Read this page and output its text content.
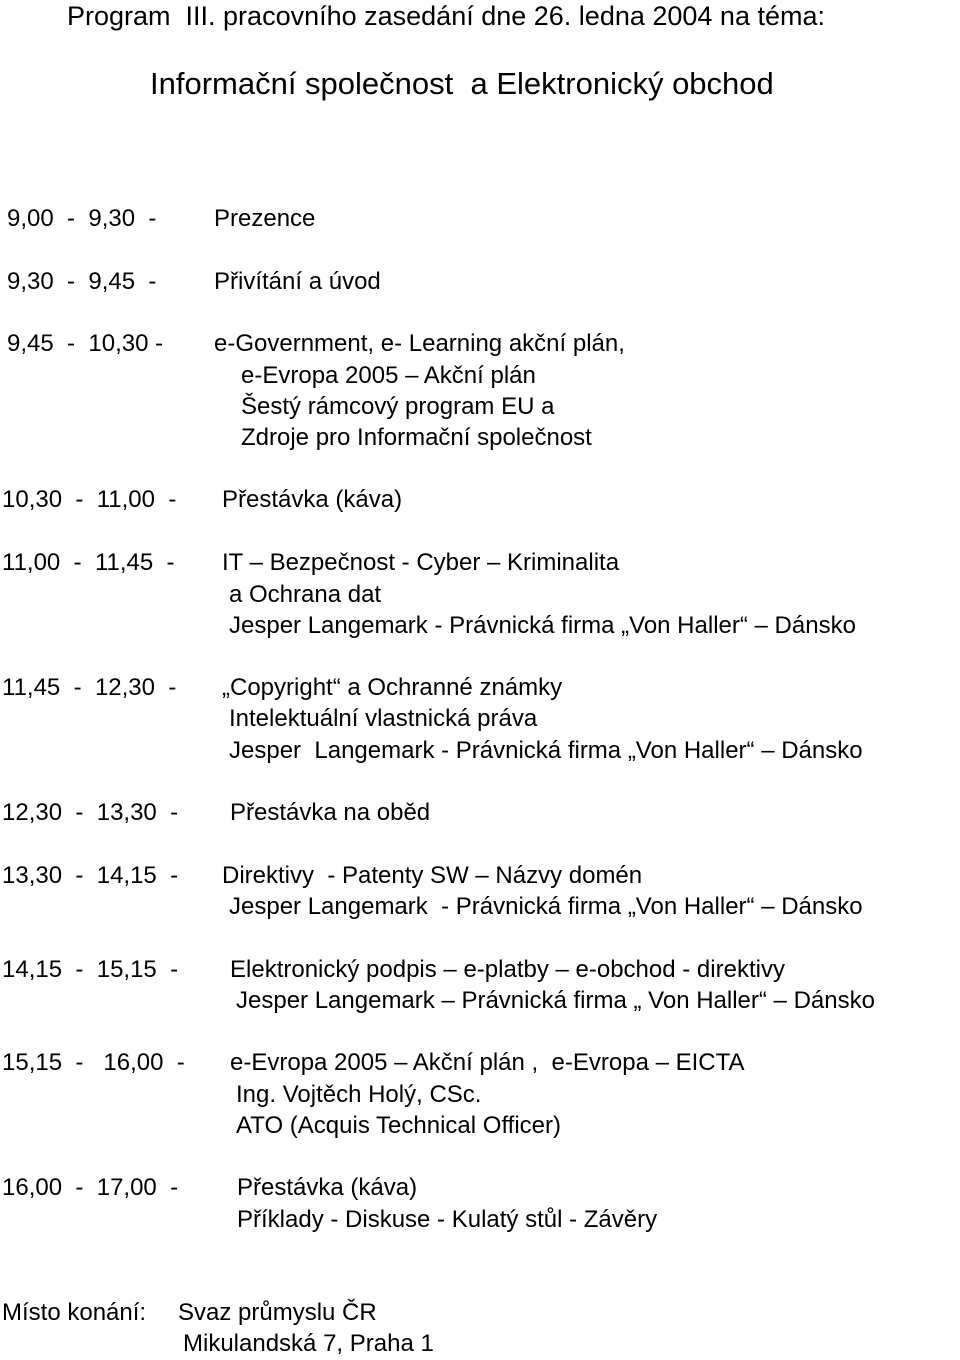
Program  III. pracovního zasedání dne 26. ledna 2004 na téma:
Informační společnost  a Elektronický obchod
9,00  -  9,30  - Prezence
9,30  -  9,45  - Přivítání a úvod
9,45  -  10,30 - e-Government, e- Learning akční plán,
e-Evropa 2005 – Akční plán
Šestý rámcový program EU a
Zdroje pro Informační společnost
10,30  -  11,00  - Přestávka (káva)
11,00  -  11,45  - IT – Bezpečnost - Cyber – Kriminalita
a Ochrana dat
Jesper Langemark - Právnická firma „Von Haller“ – Dánsko
11,45  -  12,30  - „Copyright“ a Ochranné známky
Intelektuální vlastnická práva
Jesper  Langemark - Právnická firma „Von Haller“ – Dánsko
12,30  -  13,30  - Přestávka na oběd
13,30  -  14,15  - Direktivy  - Patenty SW – Názvy domén
Jesper Langemark  - Právnická firma „Von Haller“ – Dánsko
14,15  -  15,15  - Elektronický podpis – e-platby – e-obchod - direktivy
Jesper Langemark – Právnická firma „ Von Haller“ – Dánsko
15,15  -   16,00  - e-Evropa 2005 – Akční plán ,  e-Evropa – EICTA
Ing. Vojtěch Holý, CSc.
ATO (Acquis Technical Officer)
16,00  -  17,00  - Přestávka (káva)
Příklady - Diskuse - Kulatý stůl - Závěry
Místo konání: Svaz průmyslu ČR
Mikulandská 7, Praha 1
